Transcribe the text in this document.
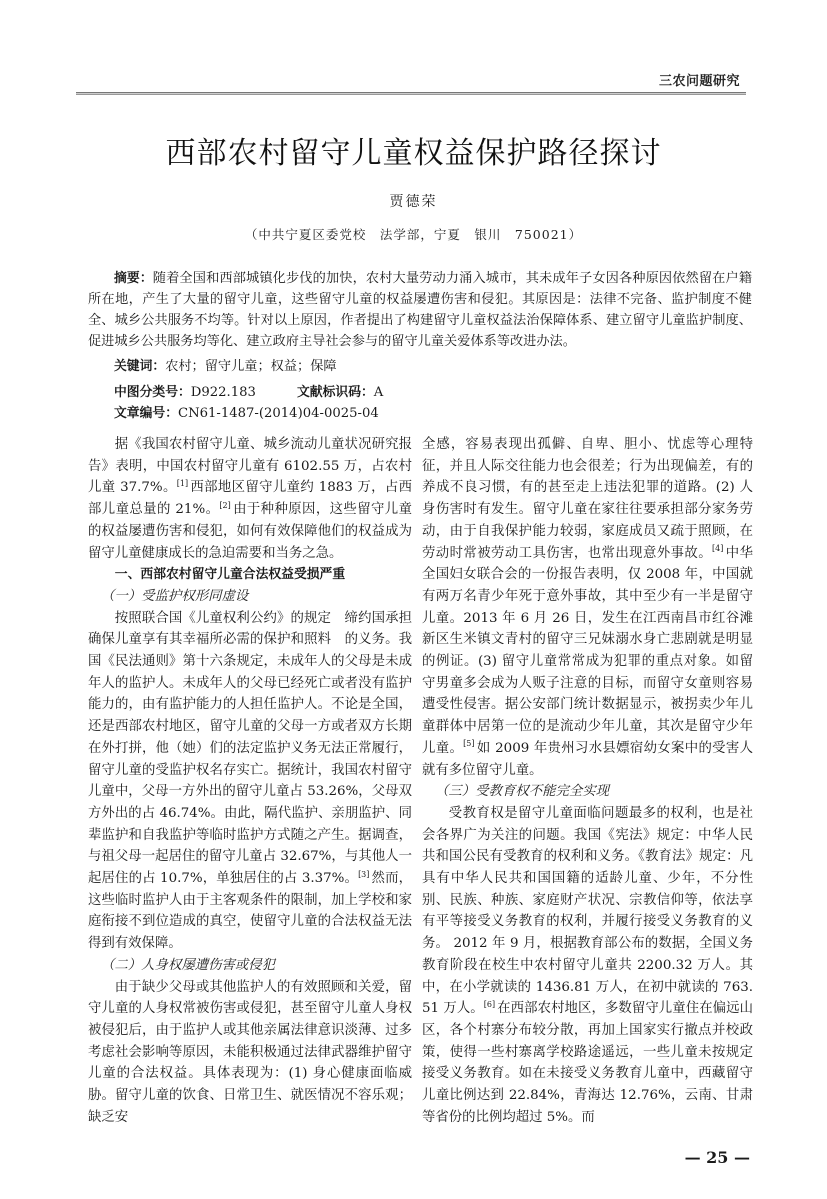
三农问题研究
西部农村留守儿童权益保护路径探讨
贾德荣
（中共宁夏区委党校　法学部，宁夏　银川　750021）
摘要：随着全国和西部城镇化步伐的加快，农村大量劳动力涌入城市，其未成年子女因各种原因依然留在户籍所在地，产生了大量的留守儿童，这些留守儿童的权益屡遭伤害和侵犯。其原因是：法律不完备、监护制度不健全、城乡公共服务不均等。针对以上原因，作者提出了构建留守儿童权益法治保障体系、建立留守儿童监护制度、促进城乡公共服务均等化、建立政府主导社会参与的留守儿童关爱体系等改进办法。
关键词：农村；留守儿童；权益；保障
中图分类号：D922.183	文献标识码：A
文章编号：CN61-1487-(2014)04-0025-04

据《我国农村留守儿童、城乡流动儿童状况研究报告》表明，中国农村留守儿童有 6102.55 万，占农村儿童 37.7%。[1] 西部地区留守儿童约 1883 万，占西部儿童总量的 21%。[2] 由于种种原因，这些留守儿童的权益屡遭伤害和侵犯，如何有效保障他们的权益成为留守儿童健康成长的急迫需要和当务之急。

一、西部农村留守儿童合法权益受损严重
（一）受监护权形同虚设

按照联合国《儿童权利公约》的规定　缔约国承担确保儿童享有其幸福所必需的保护和照料　的义务。我国《民法通则》第十六条规定，未成年人的父母是未成年人的监护人。未成年人的父母已经死亡或者没有监护能力的，由有监护能力的人担任监护人。不论是全国，还是西部农村地区，留守儿童的父母一方或者双方长期在外打拼，他（她）们的法定监护义务无法正常履行，留守儿童的受监护权名存实亡。据统计，我国农村留守儿童中，父母一方外出的留守儿童占 53.26%，父母双方外出的占 46.74%。由此，隔代监护、亲朋监护、同辈监护和自我监护等临时监护方式随之产生。据调查，与祖父母一起居住的留守儿童占 32.67%，与其他人一起居住的占 10.7%，单独居住的占 3.37%。[3] 然而，这些临时监护人由于主客观条件的限制，加上学校和家庭衔接不到位造成的真空，使留守儿童的合法权益无法得到有效保障。

（二）人身权屡遭伤害或侵犯

由于缺少父母或其他监护人的有效照顾和关爱，留守儿童的人身权常被伤害或侵犯，甚至留守儿童人身权被侵犯后，由于监护人或其他亲属法律意识淡薄、过多考虑社会影响等原因，未能积极通过法律武器维护留守儿童的合法权益。具体表现为：(1) 身心健康面临威胁。留守儿童的饮食、日常卫生、就医情况不容乐观；缺乏安

全感，容易表现出孤僻、自卑、胆小、忧虑等心理特征，并且人际交往能力也会很差；行为出现偏差，有的养成不良习惯，有的甚至走上违法犯罪的道路。(2) 人身伤害时有发生。留守儿童在家往往要承担部分家务劳动，由于自我保护能力较弱，家庭成员又疏于照顾，在劳动时常被劳动工具伤害，也常出现意外事故。[4] 中华全国妇女联合会的一份报告表明，仅 2008 年，中国就有两万名青少年死于意外事故，其中至少有一半是留守儿童。2013 年 6 月 26 日，发生在江西南昌市红谷滩新区生米镇文青村的留守三兄妹溺水身亡悲剧就是明显的例证。(3) 留守儿童常常成为犯罪的重点对象。如留守男童多会成为人贩子注意的目标，而留守女童则容易遭受性侵害。据公安部门统计数据显示，被拐卖少年儿童群体中居第一位的是流动少年儿童，其次是留守少年儿童。[5] 如 2009 年贵州习水县嫖宿幼女案中的受害人就有多位留守儿童。

（三）受教育权不能完全实现

受教育权是留守儿童面临问题最多的权利，也是社会各界广为关注的问题。我国《宪法》规定：中华人民共和国公民有受教育的权利和义务。《教育法》规定：凡具有中华人民共和国国籍的适龄儿童、少年，不分性别、民族、种族、家庭财产状况、宗教信仰等，依法享有平等接受义务教育的权利，并履行接受义务教育的义务。 2012 年 9 月，根据教育部公布的数据，全国义务教育阶段在校生中农村留守儿童共 2200.32 万人。其中，在小学就读的 1436.81 万人，在初中就读的 763.51 万人。[6] 在西部农村地区，多数留守儿童住在偏远山区，各个村寨分布较分散，再加上国家实行撤点并校政策，使得一些村寨离学校路途遥远，一些儿童未按规定接受义务教育。如在未接受义务教育儿童中，西藏留守儿童比例达到 22.84%，青海达 12.76%，云南、甘肃等省份的比例均超过 5%。而

— 25 —
